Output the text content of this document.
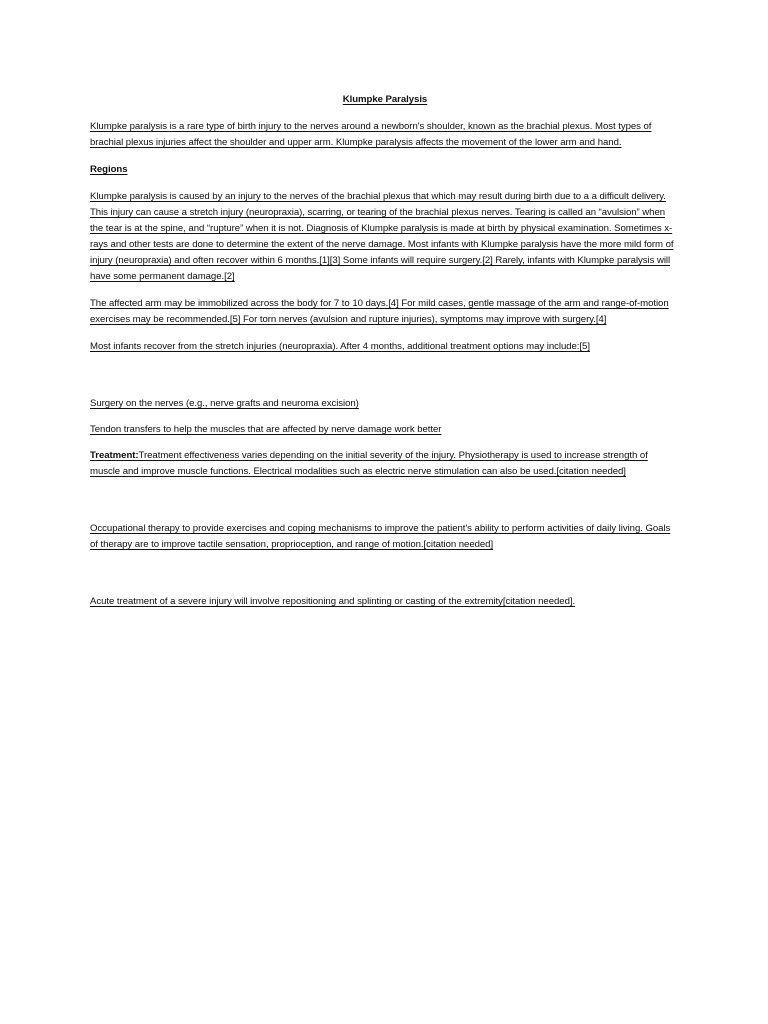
Klumpke Paralysis

Klumpke paralysis is a rare type of birth injury to the nerves around a newborn's shoulder, known as the brachial plexus. Most types of brachial plexus injuries affect the shoulder and upper arm. Klumpke paralysis affects the movement of the lower arm and hand.

Regions

Klumpke paralysis is caused by an injury to the nerves of the brachial plexus that which may result during birth due to a a difficult delivery. This injury can cause a stretch injury (neuropraxia), scarring, or tearing of the brachial plexus nerves. Tearing is called an “avulsion” when the tear is at the spine, and “rupture” when it is not. Diagnosis of Klumpke paralysis is made at birth by physical examination. Sometimes x-rays and other tests are done to determine the extent of the nerve damage. Most infants with Klumpke paralysis have the more mild form of injury (neuropraxia) and often recover within 6 months.[1][3] Some infants will require surgery.[2] Rarely, infants with Klumpke paralysis will have some permanent damage.[2]

The affected arm may be immobilized across the body for 7 to 10 days.[4] For mild cases, gentle massage of the arm and range-of-motion exercises may be recommended.[5] For torn nerves (avulsion and rupture injuries), symptoms may improve with surgery.[4]

Most infants recover from the stretch injuries (neuropraxia). After 4 months, additional treatment options may include:[5]

Surgery on the nerves (e.g., nerve grafts and neuroma excision)

Tendon transfers to help the muscles that are affected by nerve damage work better

Treatment:Treatment effectiveness varies depending on the initial severity of the injury. Physiotherapy is used to increase strength of muscle and improve muscle functions. Electrical modalities such as electric nerve stimulation can also be used.[citation needed]

Occupational therapy to provide exercises and coping mechanisms to improve the patient's ability to perform activities of daily living. Goals of therapy are to improve tactile sensation, proprioception, and range of motion.[citation needed]

Acute treatment of a severe injury will involve repositioning and splinting or casting of the extremity[citation needed].
